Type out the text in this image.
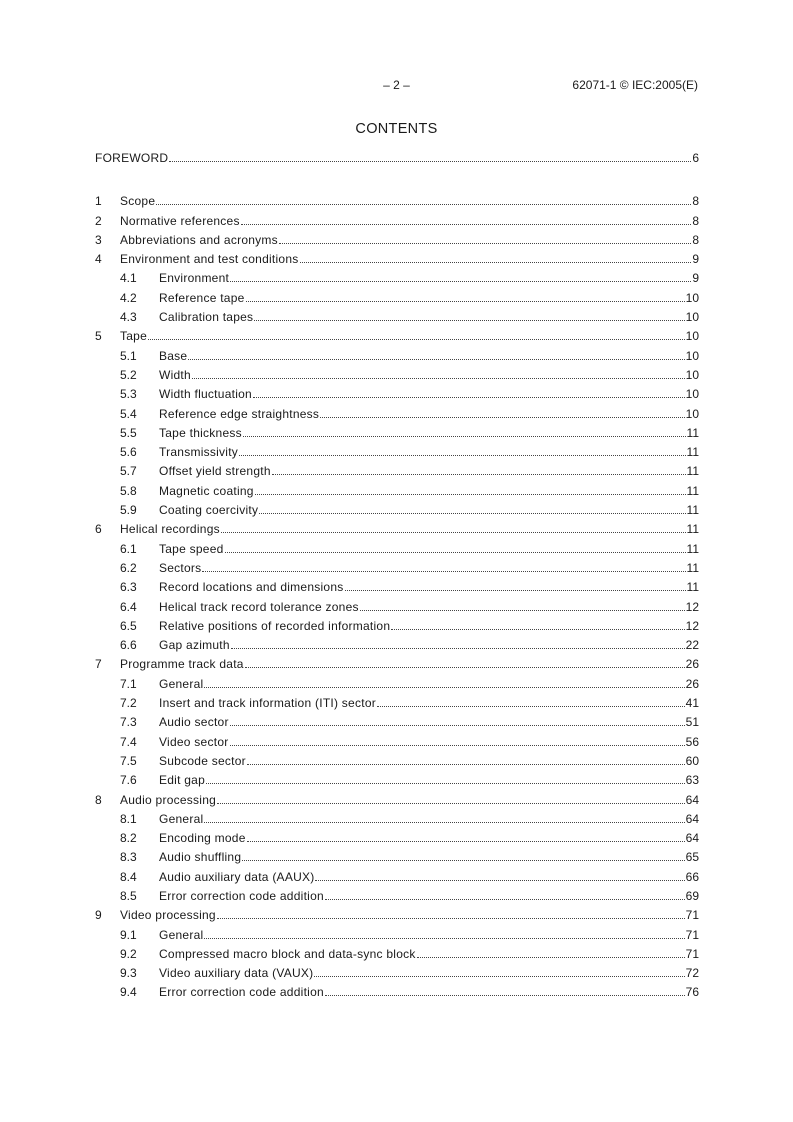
– 2 –	62071-1 © IEC:2005(E)
CONTENTS
FOREWORD	6
1	Scope	8
2	Normative references	8
3	Abbreviations and acronyms	8
4	Environment and test conditions	9
4.1	Environment	9
4.2	Reference tape	10
4.3	Calibration tapes	10
5	Tape	10
5.1	Base	10
5.2	Width	10
5.3	Width fluctuation	10
5.4	Reference edge straightness	10
5.5	Tape thickness	11
5.6	Transmissivity	11
5.7	Offset yield strength	11
5.8	Magnetic coating	11
5.9	Coating coercivity	11
6	Helical recordings	11
6.1	Tape speed	11
6.2	Sectors	11
6.3	Record locations and dimensions	11
6.4	Helical track record tolerance zones	12
6.5	Relative positions of recorded information	12
6.6	Gap azimuth	22
7	Programme track data	26
7.1	General	26
7.2	Insert and track information (ITI) sector	41
7.3	Audio sector	51
7.4	Video sector	56
7.5	Subcode sector	60
7.6	Edit gap	63
8	Audio processing	64
8.1	General	64
8.2	Encoding mode	64
8.3	Audio shuffling	65
8.4	Audio auxiliary data (AAUX)	66
8.5	Error correction code addition	69
9	Video processing	71
9.1	General	71
9.2	Compressed macro block and data-sync block	71
9.3	Video auxiliary data (VAUX)	72
9.4	Error correction code addition	76
